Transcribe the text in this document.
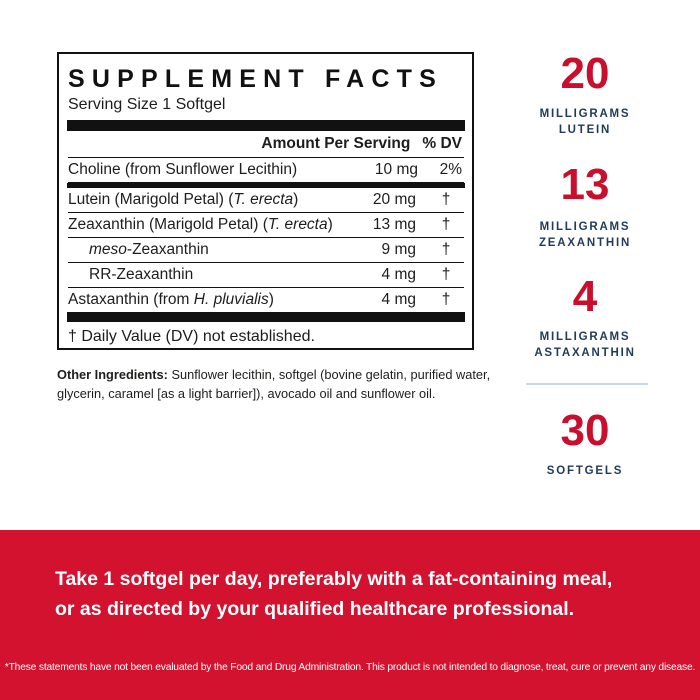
SUPPLEMENT FACTS
Serving Size 1 Softgel
Amount Per Serving % DV
Choline (from Sunflower Lecithin)	10 mg	2%
Lutein (Marigold Petal) (T. erecta)	20 mg	†
Zeaxanthin (Marigold Petal) (T. erecta)	13 mg	†
meso-Zeaxanthin	9 mg	†
RR-Zeaxanthin	4 mg	†
Astaxanthin (from H. pluvialis)	4 mg	†
† Daily Value (DV) not established.
Other Ingredients: Sunflower lecithin, softgel (bovine gelatin, purified water, glycerin, caramel [as a light barrier]), avocado oil and sunflower oil.
20
MILLIGRAMS
LUTEIN
13
MILLIGRAMS
ZEAXANTHIN
4
MILLIGRAMS
ASTAXANTHIN
30
SOFTGELS
Take 1 softgel per day, preferably with a fat-containing meal,
or as directed by your qualified healthcare professional.
*These statements have not been evaluated by the Food and Drug Administration. This product is not intended to diagnose, treat, cure or prevent any disease.
